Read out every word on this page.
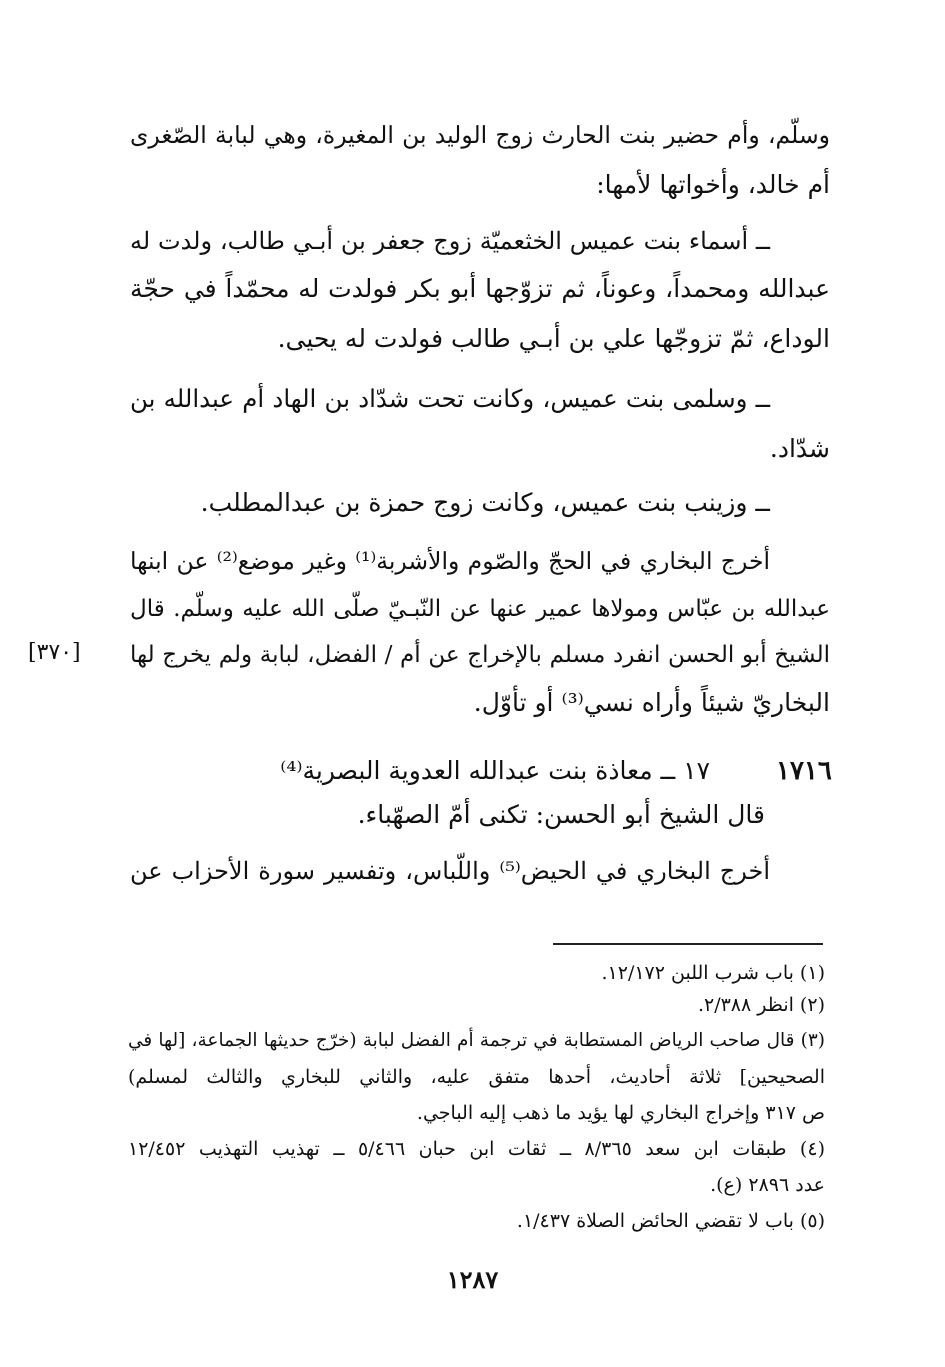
وسلّم، وأم حضير بنت الحارث زوج الوليد بن المغيرة، وهي لبابة الصّغرى
أم خالد، وأخواتها لأمها:
ــ أسماء بنت عميس الخثعميّة زوج جعفر بن أبـي طالب، ولدت له
عبدالله ومحمداً، وعوناً، ثم تزوّجها أبو بكر فولدت له محمّداً في حجّة
الوداع، ثمّ تزوجّها علي بن أبـي طالب فولدت له يحيى.
ــ وسلمى بنت عميس، وكانت تحت شدّاد بن الهاد أم عبدالله بن
شدّاد.
ــ وزينب بنت عميس، وكانت زوج حمزة بن عبدالمطلب.
أخرج البخاري في الحجّ والصّوم والأشربة⁽¹⁾ وغير موضع⁽²⁾ عن ابنها
عبدالله بن عبّاس ومولاها عمير عنها عن النّبـيّ صلّى الله عليه وسلّم. قال
الشيخ أبو الحسن انفرد مسلم بالإخراج عن أم / الفضل، لبابة ولم يخرج لها
البخاريّ شيئاً وأراه نسي⁽³⁾ أو تأوّل.
[٣٧٠]
١٧١٦
١٧ ــ معاذة بنت عبدالله العدوية البصرية⁽⁴⁾
قال الشيخ أبو الحسن: تكنى أمّ الصهّباء.
أخرج البخاري في الحيض⁽⁵⁾ واللّباس، وتفسير سورة الأحزاب عن
(١) باب شرب اللبن ١٢/١٧٢.
(٢) انظر ٢/٣٨٨.
(٣) قال صاحب الرياض المستطابة في ترجمة أم الفضل لبابة (خرّج حديثها الجماعة، [لها في
الصحيحين] ثلاثة أحاديث، أحدها متفق عليه، والثاني للبخاري والثالث لمسلم)
ص ٣١٧ وإخراج البخاري لها يؤيد ما ذهب إليه الباجي.
(٤) طبقات ابن سعد ٨/٣٦٥ ــ ثقات ابن حبان ٥/٤٦٦ ــ تهذيب التهذيب ١٢/٤٥٢
عدد ٢٨٩٦ (ع).
(٥) باب لا تقضي الحائض الصلاة ١/٤٣٧.
١٢٨٧
